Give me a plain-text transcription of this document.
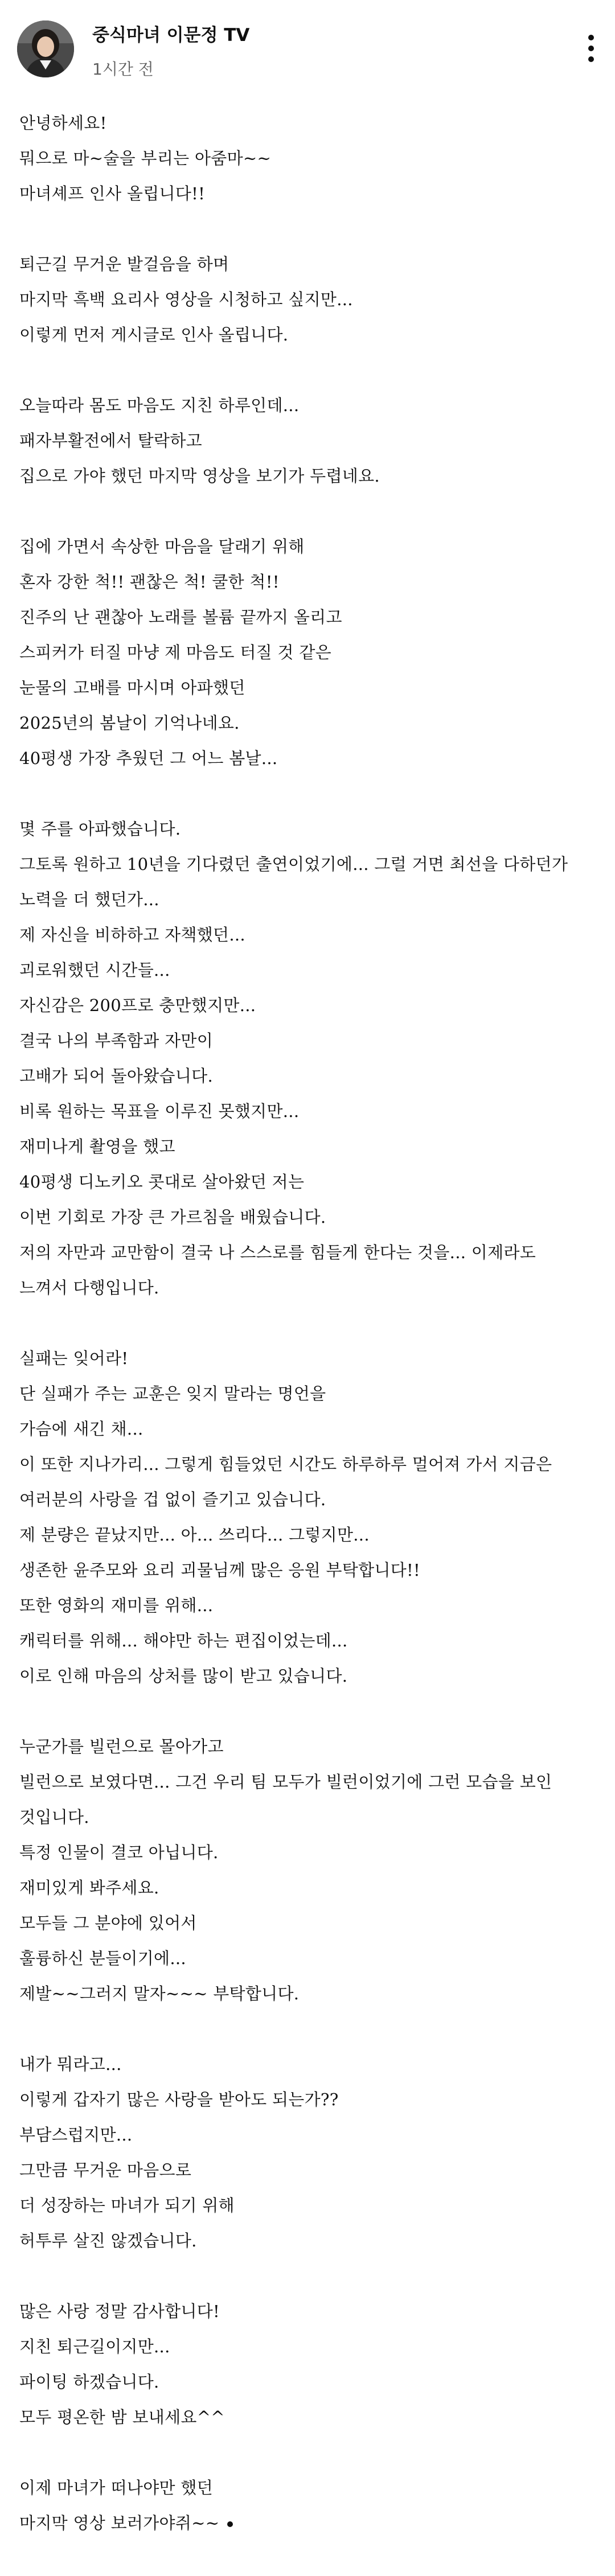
중식마녀 이문정 TV
1시간 전
안녕하세요!
뭐으로 마~술을 부리는 아줌마~~
마녀셰프 인사 올립니다!!
퇴근길 무거운 발걸음을 하며
마지막 흑백 요리사 영상을 시청하고 싶지만...
이렇게 먼저 게시글로 인사 올립니다.
오늘따라 몸도 마음도 지친 하루인데...
패자부활전에서 탈락하고
집으로 가야 했던 마지막 영상을 보기가 두렵네요.
집에 가면서 속상한 마음을 달래기 위해
혼자 강한 척!! 괜찮은 척! 쿨한 척!!
진주의 난 괜찮아 노래를 볼륨 끝까지 올리고
스피커가 터질 마냥 제 마음도 터질 것 같은
눈물의 고배를 마시며 아파했던
2025년의 봄날이 기억나네요.
40평생 가장 추웠던 그 어느 봄날...
몇 주를 아파했습니다.
그토록 원하고 10년을 기다렸던 출연이었기에... 그럴 거면 최선을 다하던가
노력을 더 했던가...
제 자신을 비하하고 자책했던...
괴로워했던 시간들...
자신감은 200프로 충만했지만...
결국 나의 부족함과 자만이
고배가 되어 돌아왔습니다.
비록 원하는 목표을 이루진 못했지만...
재미나게 촬영을 했고
40평생 디노키오 콧대로 살아왔던 저는
이번 기회로 가장 큰 가르침을 배웠습니다.
저의 자만과 교만함이 결국 나 스스로를 힘들게 한다는 것을... 이제라도
느껴서 다행입니다.
실패는 잊어라!
단 실패가 주는 교훈은 잊지 말라는 명언을
가슴에 새긴 채...
이 또한 지나가리... 그렇게 힘들었던 시간도 하루하루 멀어져 가서 지금은
여러분의 사랑을 겁 없이 즐기고 있습니다.
제 분량은 끝났지만... 아... 쓰리다... 그렇지만...
생존한 윤주모와 요리 괴물님께 많은 응원 부탁합니다!!
또한 영화의 재미를 위해...
캐릭터를 위해... 해야만 하는 편집이었는데...
이로 인해 마음의 상처를 많이 받고 있습니다.
누군가를 빌런으로 몰아가고
빌런으로 보였다면... 그건 우리 팀 모두가 빌런이었기에 그런 모습을 보인
것입니다.
특정 인물이 결코 아닙니다.
재미있게 봐주세요.
모두들 그 분야에 있어서
훌륭하신 분들이기에...
제발~~그러지 말자~~~ 부탁합니다.
내가 뭐라고...
이렇게 갑자기 많은 사랑을 받아도 되는가??
부담스럽지만...
그만큼 무거운 마음으로
더 성장하는 마녀가 되기 위해
허투루 살진 않겠습니다.
많은 사랑 정말 감사합니다!
지친 퇴근길이지만...
파이팅 하겠습니다.
모두 평온한 밤 보내세요^^
이제 마녀가 떠나야만 했던
마지막 영상 보러가야쥐~~
